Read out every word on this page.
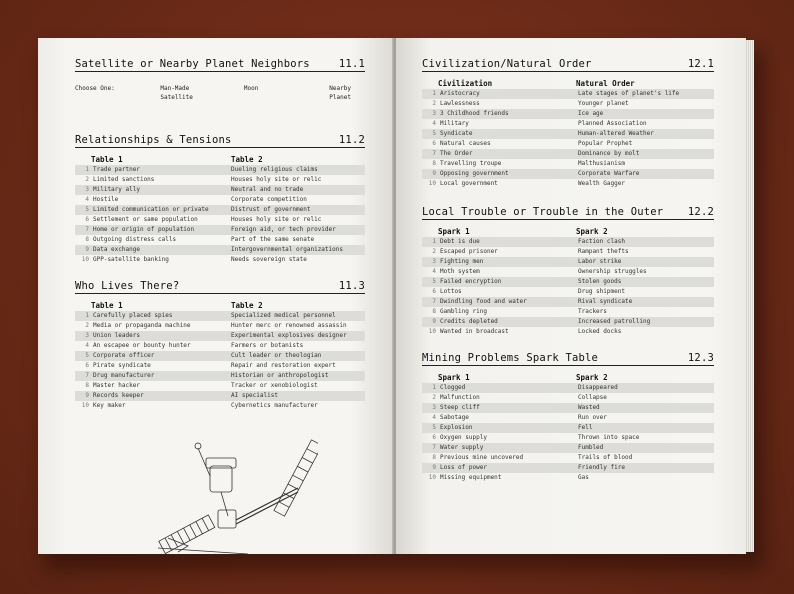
Satellite or Nearby Planet Neighbors	11.1
Choose One:	Man-Made Satellite
Moon	Nearby Planet
Relationships & Tensions	11.2
Table 1	Table 2
1 Trade partner	Dueling religious claims
2 Limited sanctions	Houses holy site or relic
3 Military ally	Neutral and no trade
4 Hostile	Corporate competition
5 Limited communication or private	Distrust of government
6 Settlement or same population	Houses holy site or relic
7 Home or origin of population	Foreign aid, or tech provider
8 Outgoing distress calls	Part of the same senate
9 Data exchange	Intergovernmental organizations
10 GPP-satellite banking	Needs sovereign state
Who Lives There?	11.3
Table 1	Table 2
1 Carefully placed spies	Specialized medical personnel
2 Media or propaganda machine	Hunter merc or renowned assassin
3 Union leaders	Experimental explosives designer
4 An escapee or bounty hunter	Farmers or botanists
5 Corporate officer	Cult leader or theologian
6 Pirate syndicate	Repair and restoration expert
7 Drug manufacturer	Historian or anthropologist
8 Master hacker	Tracker or xenobiologist
9 Records keeper	AI specialist
10 Key maker	Cybernetics manufacturer
Civilization/Natural Order	12.1
Civilization	Natural Order
1 Aristocracy	Late stages of planet's life
2 Lawlessness	Younger planet
3 3 Childhood friends	Ice age
4 Military	Planned Association
5 Syndicate	Human-altered Weather
6 Natural causes	Popular Prophet
7 The Order	Dominance by molt
8 Travelling troupe	Malthusianism
9 Opposing government	Corporate Warfare
10 Local government	Wealth Gagger
Local Trouble or Trouble in the Outer 12.2
Spark 1	Spark 2
1 Debt is due	Faction clash
2 Escaped prisoner	Rampant thefts
3 Fighting men	Labor strike
4 Moth system	Ownership struggles
5 Failed encryption	Stolen goods
6 Lottos	Drug shipment
7 Dwindling food and water	Rival syndicate
8 Gambling ring	Trackers
9 Credits depleted	Increased patrolling
10 Wanted in broadcast	Locked docks
Mining Problems Spark Table	12.3
Spark 1	Spark 2
1 Clogged	Disappeared
2 Malfunction	Collapse
3 Steep cliff	Wasted
4 Sabotage	Run over
5 Explosion	Fell
6 Oxygen supply	Thrown into space
7 Water supply	Fumbled
8 Previous mine uncovered	Trails of blood
9 Loss of power	Friendly fire
10 Missing equipment	Gas
